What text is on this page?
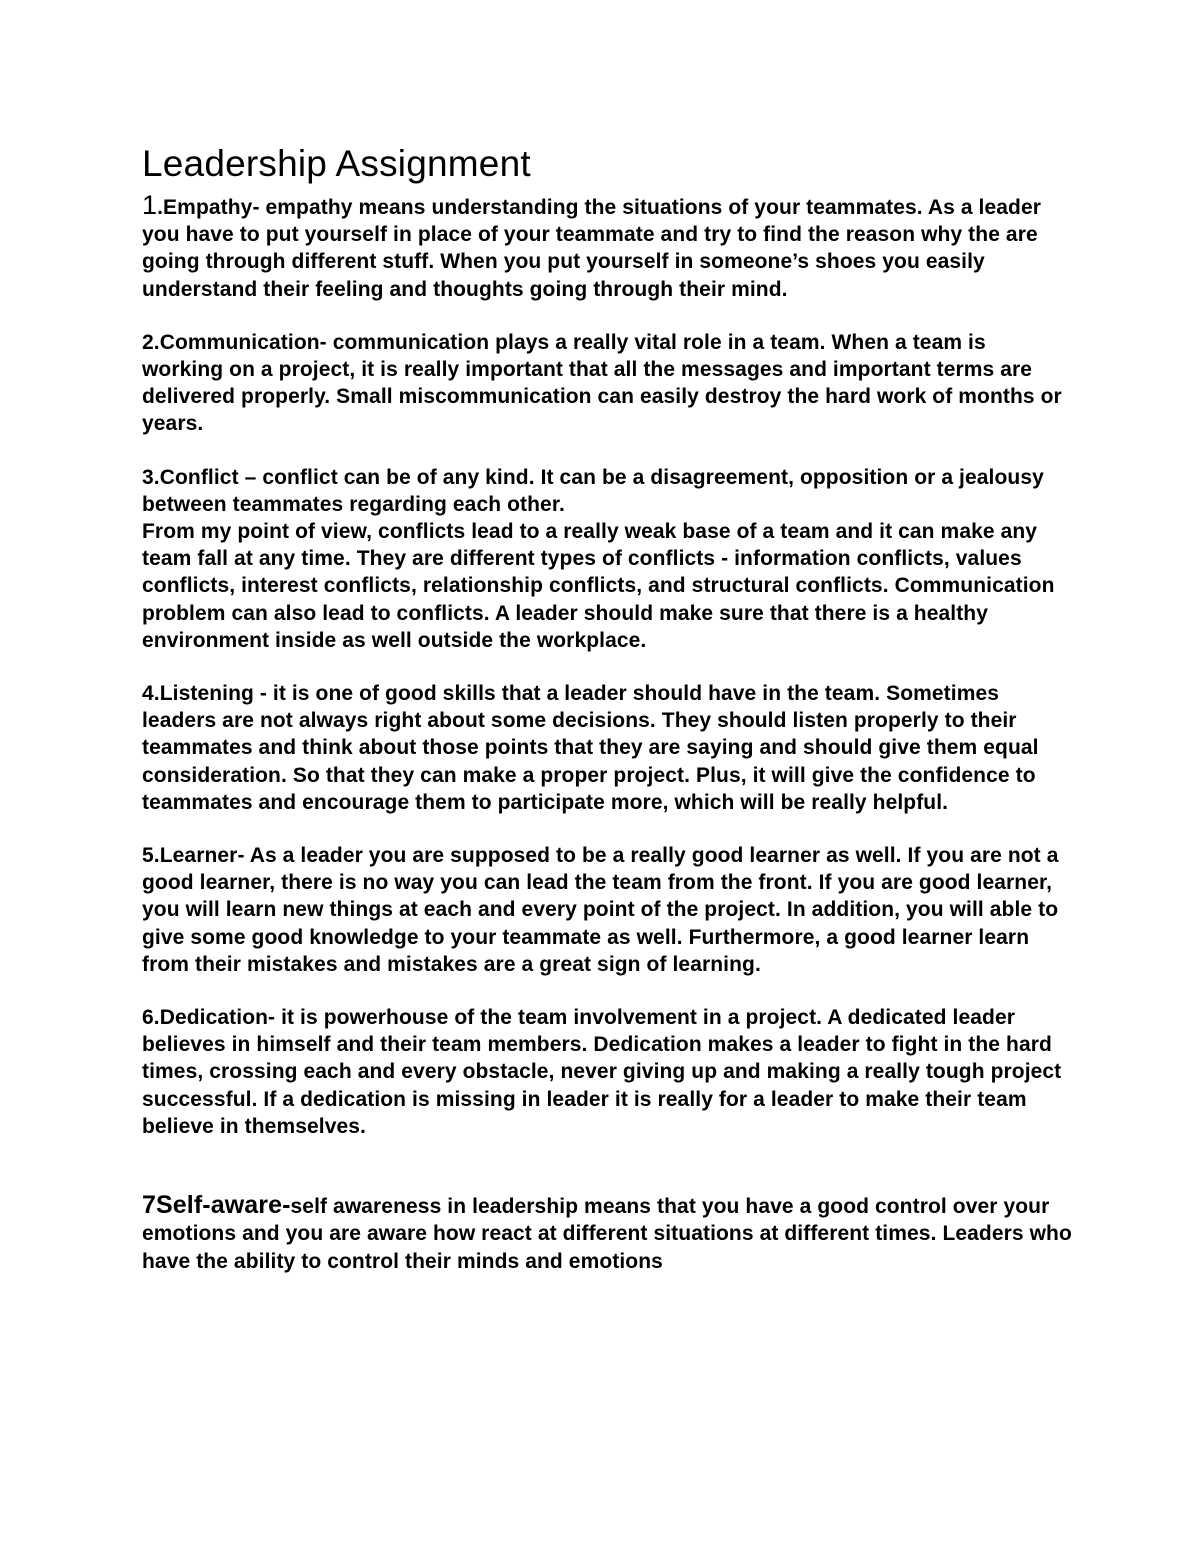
Leadership Assignment

1.Empathy- empathy means understanding the situations of your teammates. As a leader you have to put yourself in place of your teammate and try to find the reason why the are going through different stuff. When you put yourself in someone’s shoes you easily understand their feeling and thoughts going through their mind.

2.Communication- communication plays a really vital role in a team. When a team is working on a project, it is really important that all the messages and important terms are delivered properly. Small miscommunication can easily destroy the hard work of months or years.

3.Conflict – conflict can be of any kind. It can be a disagreement, opposition or a jealousy between teammates regarding each other.
From my point of view, conflicts lead to a really weak base of a team and it can make any team fall at any time. They are different types of conflicts - information conflicts, values conflicts, interest conflicts, relationship conflicts, and structural conflicts. Communication problem can also lead to conflicts. A leader should make sure that there is a healthy environment inside as well outside the workplace.

4.Listening - it is one of good skills that a leader should have in the team. Sometimes leaders are not always right about some decisions. They should listen properly to their teammates and think about those points that they are saying and should give them equal consideration. So that they can make a proper project. Plus, it will give the confidence to teammates and encourage them to participate more, which will be really helpful.

5.Learner- As a leader you are supposed to be a really good learner as well. If you are not a good learner, there is no way you can lead the team from the front. If you are good learner, you will learn new things at each and every point of the project. In addition, you will able to give some good knowledge to your teammate as well. Furthermore, a good learner learn from their mistakes and mistakes are a great sign of learning.

6.Dedication- it is powerhouse of the team involvement in a project. A dedicated leader believes in himself and their team members. Dedication makes a leader to fight in the hard times, crossing each and every obstacle, never giving up and making a really tough project successful. If a dedication is missing in leader it is really for a leader to make their team believe in themselves.

7Self-aware-self awareness in leadership means that you have a good control over your emotions and you are aware how react at different situations at different times. Leaders who have the ability to control their minds and emotions
